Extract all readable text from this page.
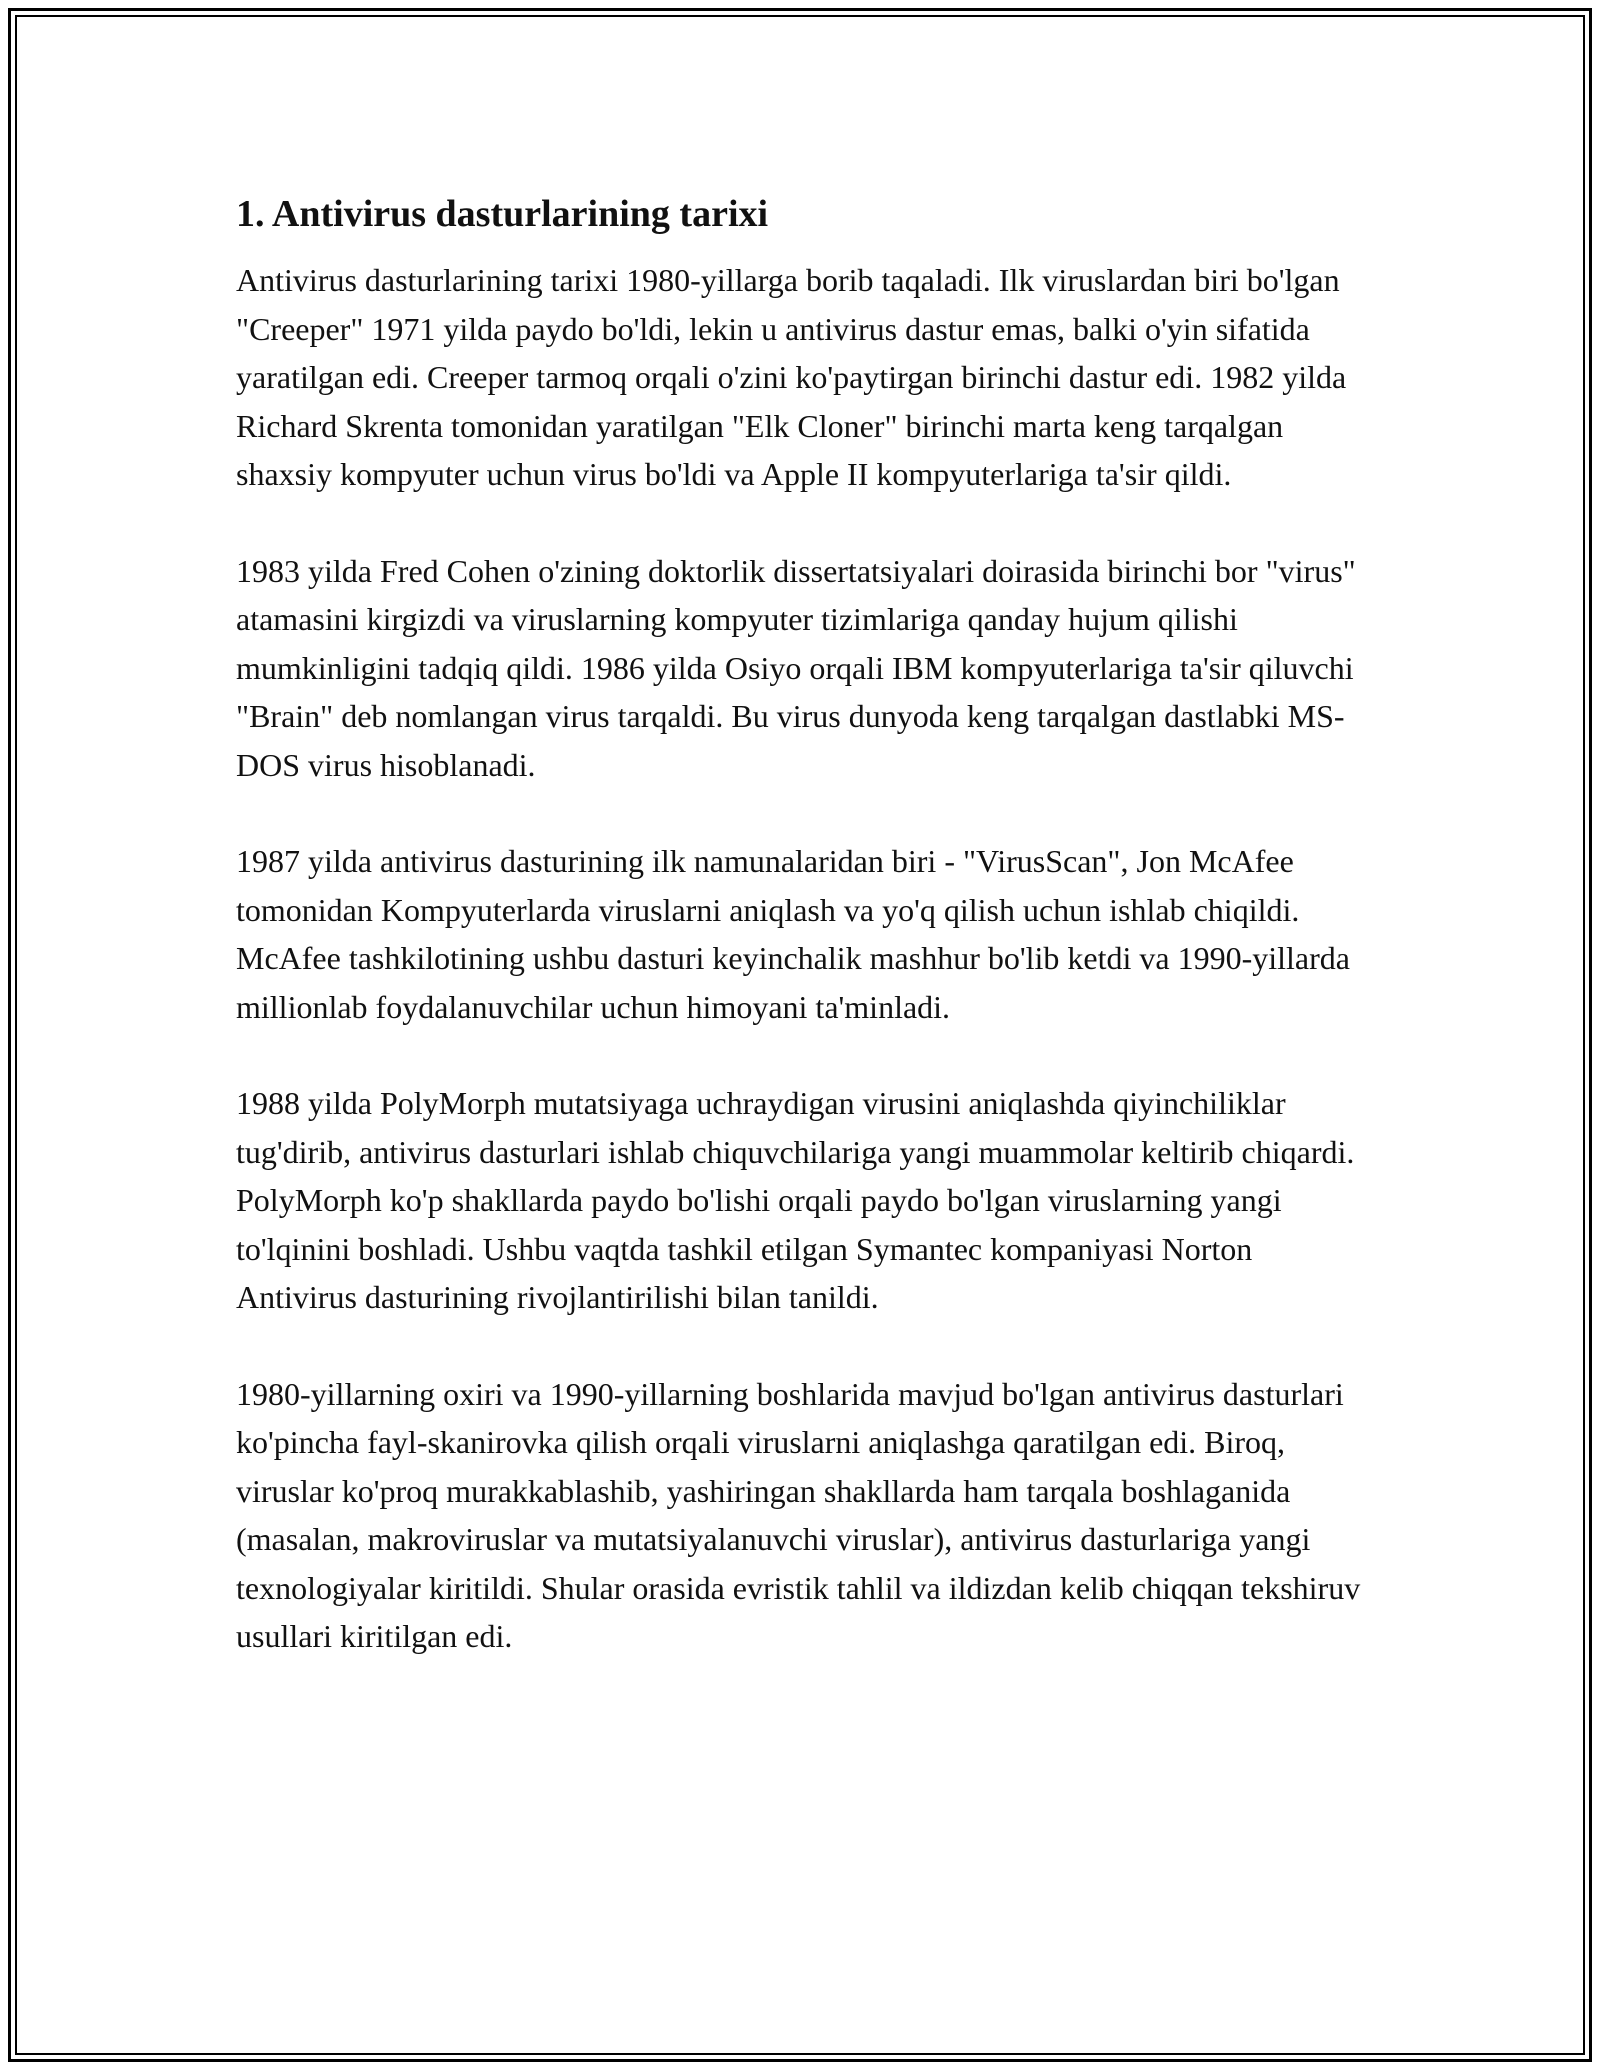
1. Antivirus dasturlarining tarixi

Antivirus dasturlarining tarixi 1980-yillarga borib taqaladi. Ilk viruslardan biri bo'lgan "Creeper" 1971 yilda paydo bo'ldi, lekin u antivirus dastur emas, balki o'yin sifatida yaratilgan edi. Creeper tarmoq orqali o'zini ko'paytirgan birinchi dastur edi. 1982 yilda Richard Skrenta tomonidan yaratilgan "Elk Cloner" birinchi marta keng tarqalgan shaxsiy kompyuter uchun virus bo'ldi va Apple II kompyuterlariga ta'sir qildi.

1983 yilda Fred Cohen o'zining doktorlik dissertatsiyalari doirasida birinchi bor "virus" atamasini kirgizdi va viruslarning kompyuter tizimlariga qanday hujum qilishi mumkinligini tadqiq qildi. 1986 yilda Osiyo orqali IBM kompyuterlariga ta'sir qiluvchi "Brain" deb nomlangan virus tarqaldi. Bu virus dunyoda keng tarqalgan dastlabki MS-DOS virus hisoblanadi.

1987 yilda antivirus dasturining ilk namunalaridan biri - "VirusScan", Jon McAfee tomonidan Kompyuterlarda viruslarni aniqlash va yo'q qilish uchun ishlab chiqildi. McAfee tashkilotining ushbu dasturi keyinchalik mashhur bo'lib ketdi va 1990-yillarda millionlab foydalanuvchilar uchun himoyani ta'minladi.

1988 yilda PolyMorph mutatsiyaga uchraydigan virusini aniqlashda qiyinchiliklar tug'dirib, antivirus dasturlari ishlab chiquvchilariga yangi muammolar keltirib chiqardi. PolyMorph ko'p shakllarda paydo bo'lishi orqali paydo bo'lgan viruslarning yangi to'lqinini boshladi. Ushbu vaqtda tashkil etilgan Symantec kompaniyasi Norton Antivirus dasturining rivojlantirilishi bilan tanildi.

1980-yillarning oxiri va 1990-yillarning boshlarida mavjud bo'lgan antivirus dasturlari ko'pincha fayl-skanirovka qilish orqali viruslarni aniqlashga qaratilgan edi. Biroq, viruslar ko'proq murakkablashib, yashiringan shakllarda ham tarqala boshlaganida (masalan, makroviruslar va mutatsiyalanuvchi viruslar), antivirus dasturlariga yangi texnologiyalar kiritildi. Shular orasida evristik tahlil va ildizdan kelib chiqqan tekshiruv usullari kiritilgan edi.
